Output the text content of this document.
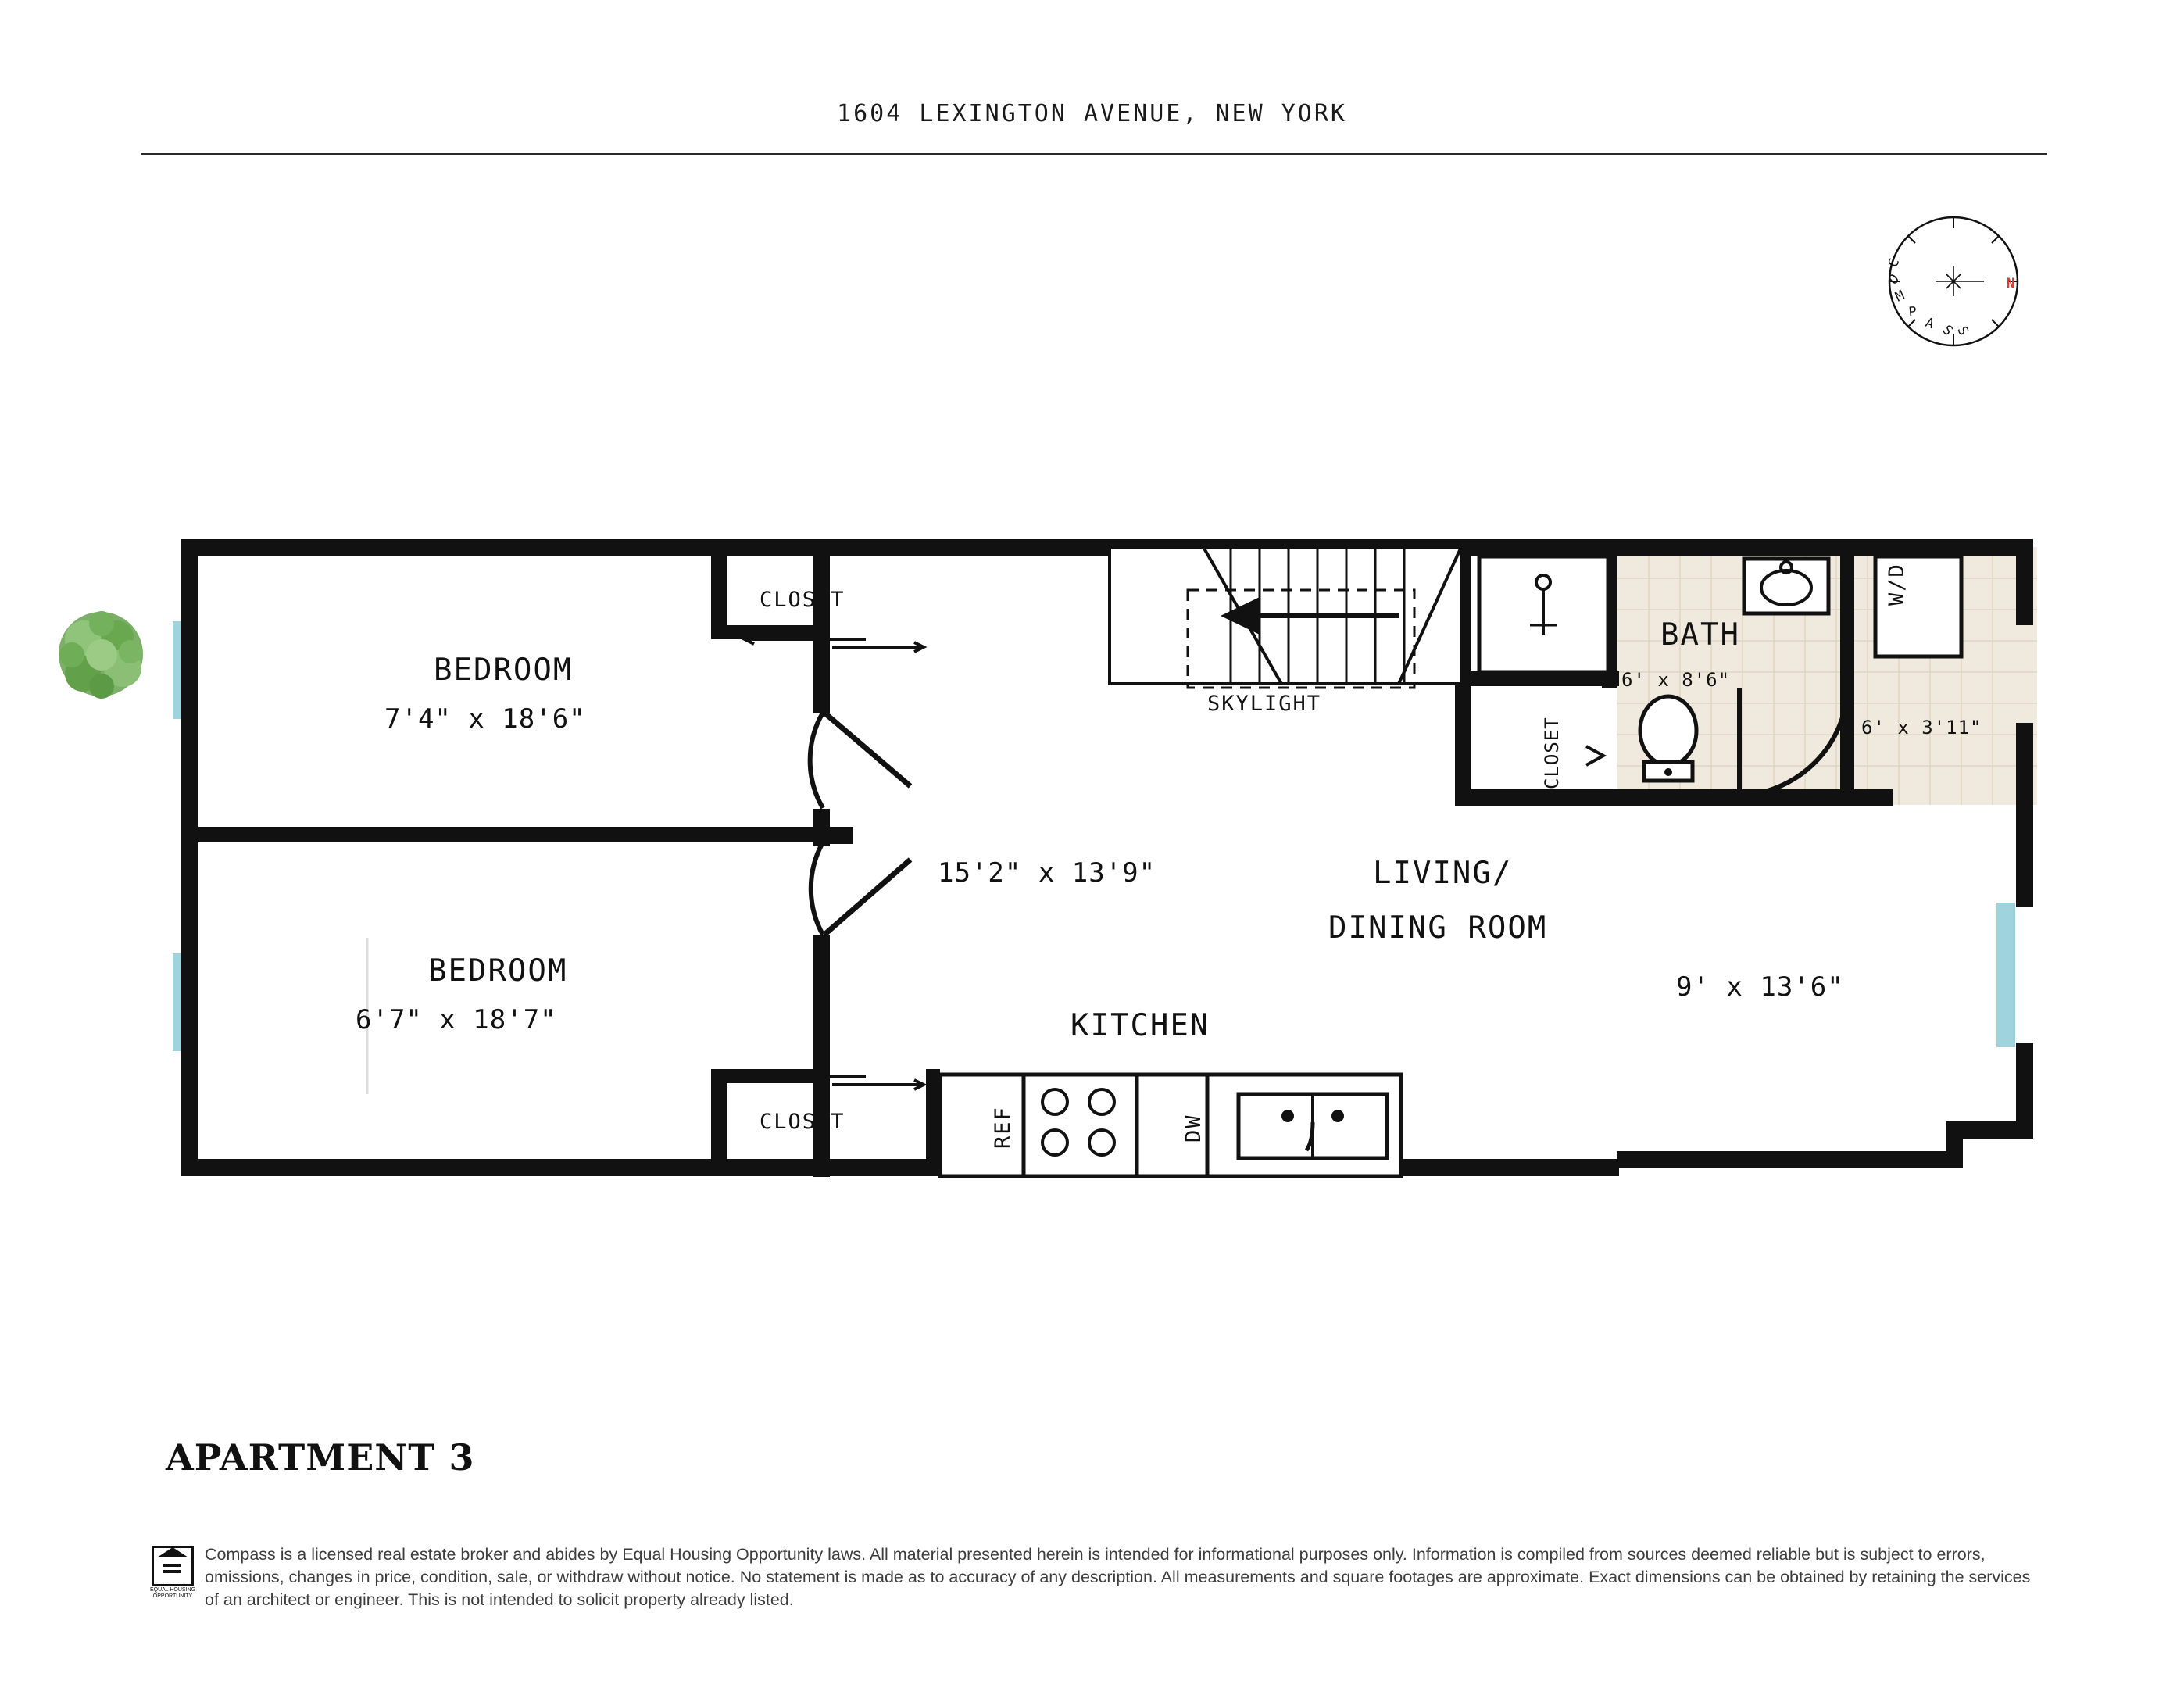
1604 LEXINGTON AVENUE, NEW YORK
N
C
O
M
P
A S
S
BEDROOM
7'4" x 18'6"
BEDROOM
6'7" x 18'7"
CLOSET
CLOSET
CLOSET
SKYLIGHT
15'2" x 13'9"	LIVING/
DINING ROOM
9' x 13'6"
KITCHEN
REF	DW
BATH
6' x 8'6"
W/D
6' x 3'11"
APARTMENT 3
EQUAL HOUSING
OPPORTUNITY
Compass is a licensed real estate broker and abides by Equal Housing Opportunity laws. All material presented herein is intended for informational purposes only. Information is compiled from sources deemed reliable but is subject to errors, omissions, changes in price, condition, sale, or withdraw without notice. No statement is made as to accuracy of any description. All measurements and square footages are approximate. Exact dimensions can be obtained by retaining the services of an architect or engineer. This is not intended to solicit property already listed.
